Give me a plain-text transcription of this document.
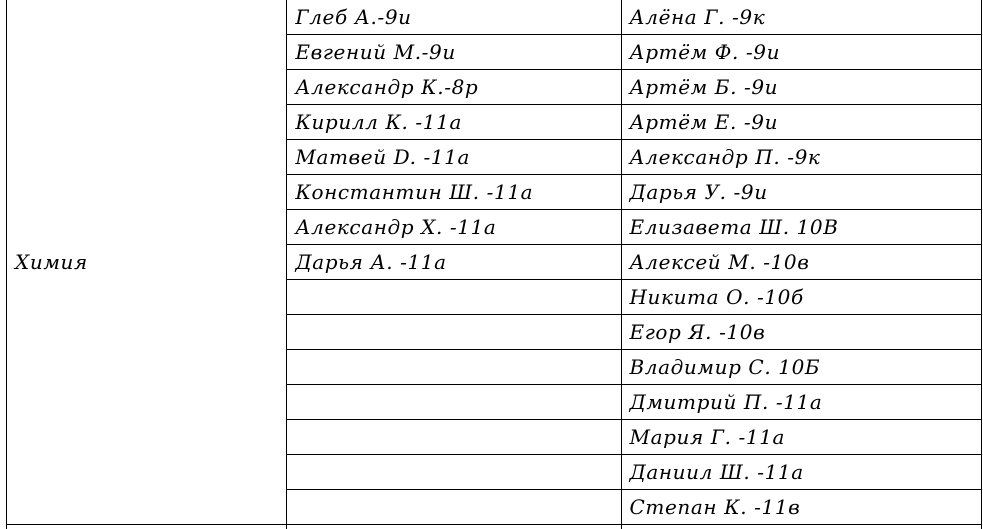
Химия	Глеб А.-9и	Алёна Г. -9к
	Евгений М.-9и	Артём Ф. -9и
	Александр К.-8р	Артём Б. -9и
	Кирилл К. -11а	Артём Е. -9и
	Матвей D. -11а	Александр П. -9к
	Константин Ш. -11а	Дарья У. -9и
	Александр Х. -11а	Елизавета Ш. 10В
	Дарья А. -11а	Алексей М. -10в
		Никита О. -10б
		Егор Я. -10в
		Владимир С. 10Б
		Дмитрий П. -11а
		Мария Г. -11а
		Даниил Ш. -11а
		Степан К. -11в
